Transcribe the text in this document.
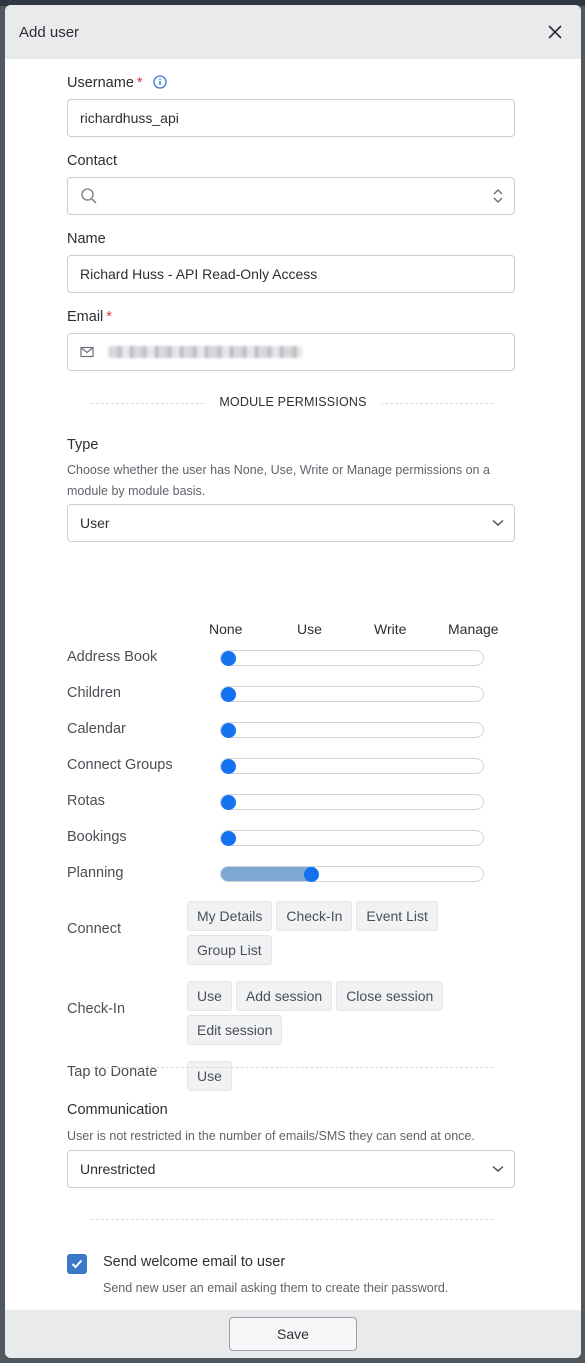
Add user
Username *
richardhuss_api
Contact
Name
Richard Huss - API Read-Only Access
Email *
MODULE PERMISSIONS
Type
Choose whether the user has None, Use, Write or Manage permissions on a module by module basis.
User
None	Use	Write	Manage
Address Book
Children
Calendar
Connect Groups
Rotas
Bookings
Planning
Connect
My Details	Check-In	Event List
Group List
Check-In
Use	Add session	Close session
Edit session
Tap to Donate	Use
Communication
User is not restricted in the number of emails/SMS they can send at once.
Unrestricted
Send welcome email to user
Send new user an email asking them to create their password.
Save
